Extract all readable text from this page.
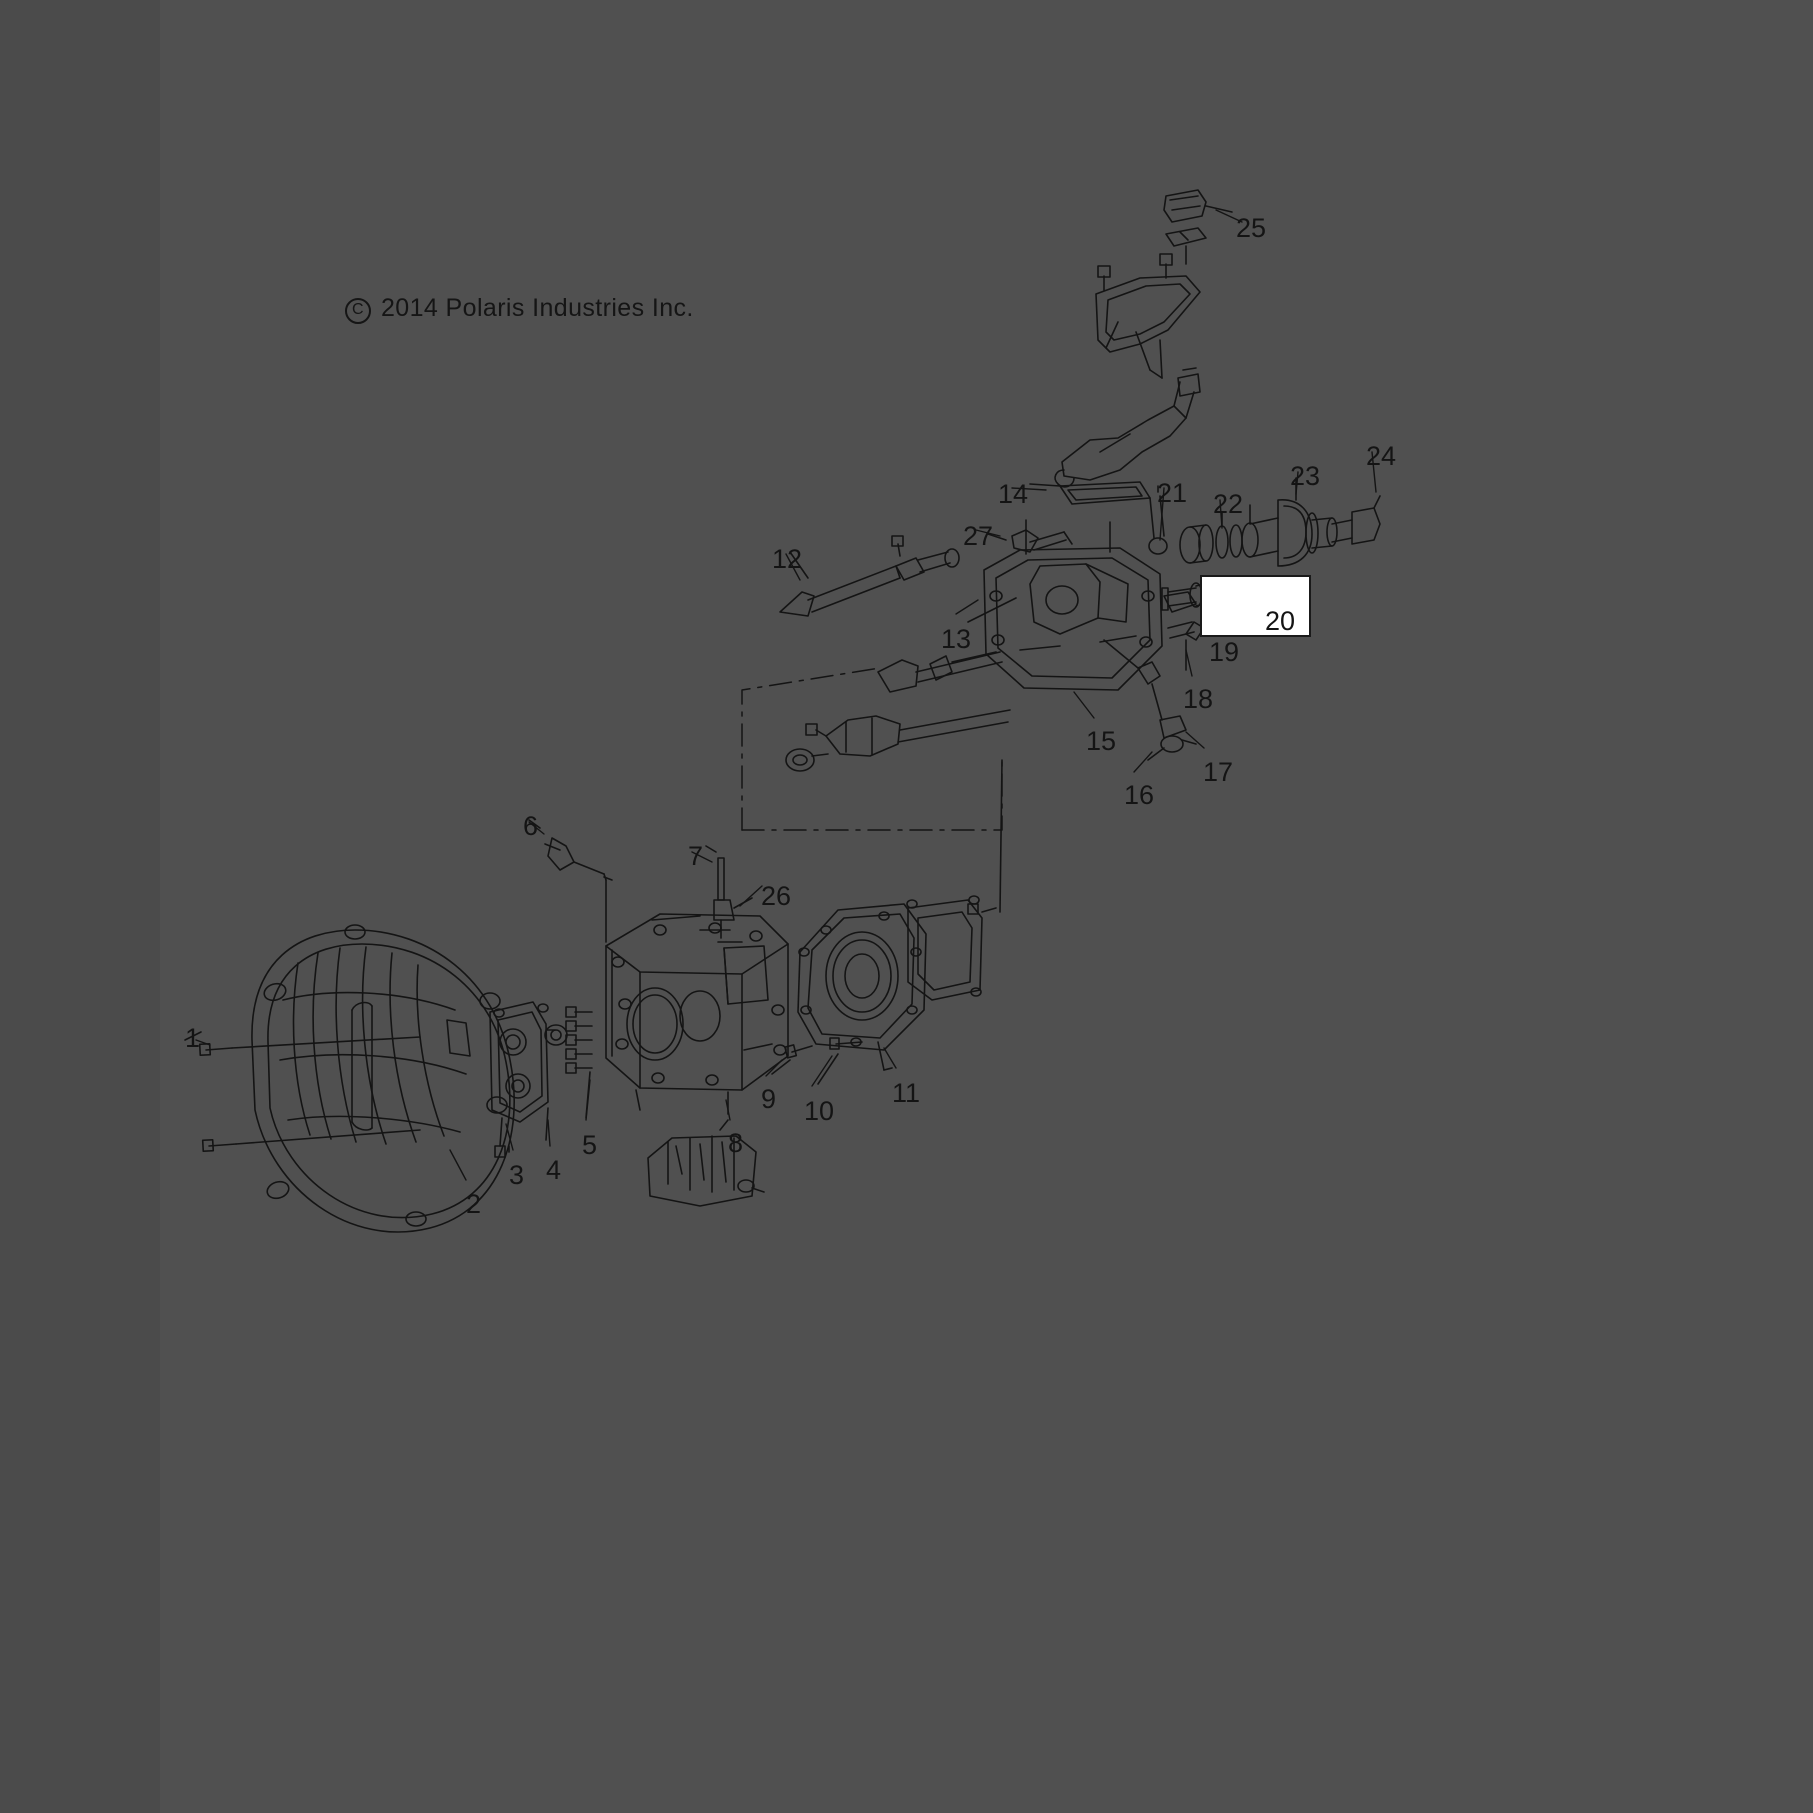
C 2014 Polaris Industries Inc.
1
2
3 4
5
6
7
8
9 10
11
12
13
14
15
16
17
18
19
21 22
23
24
25
26
27
20
